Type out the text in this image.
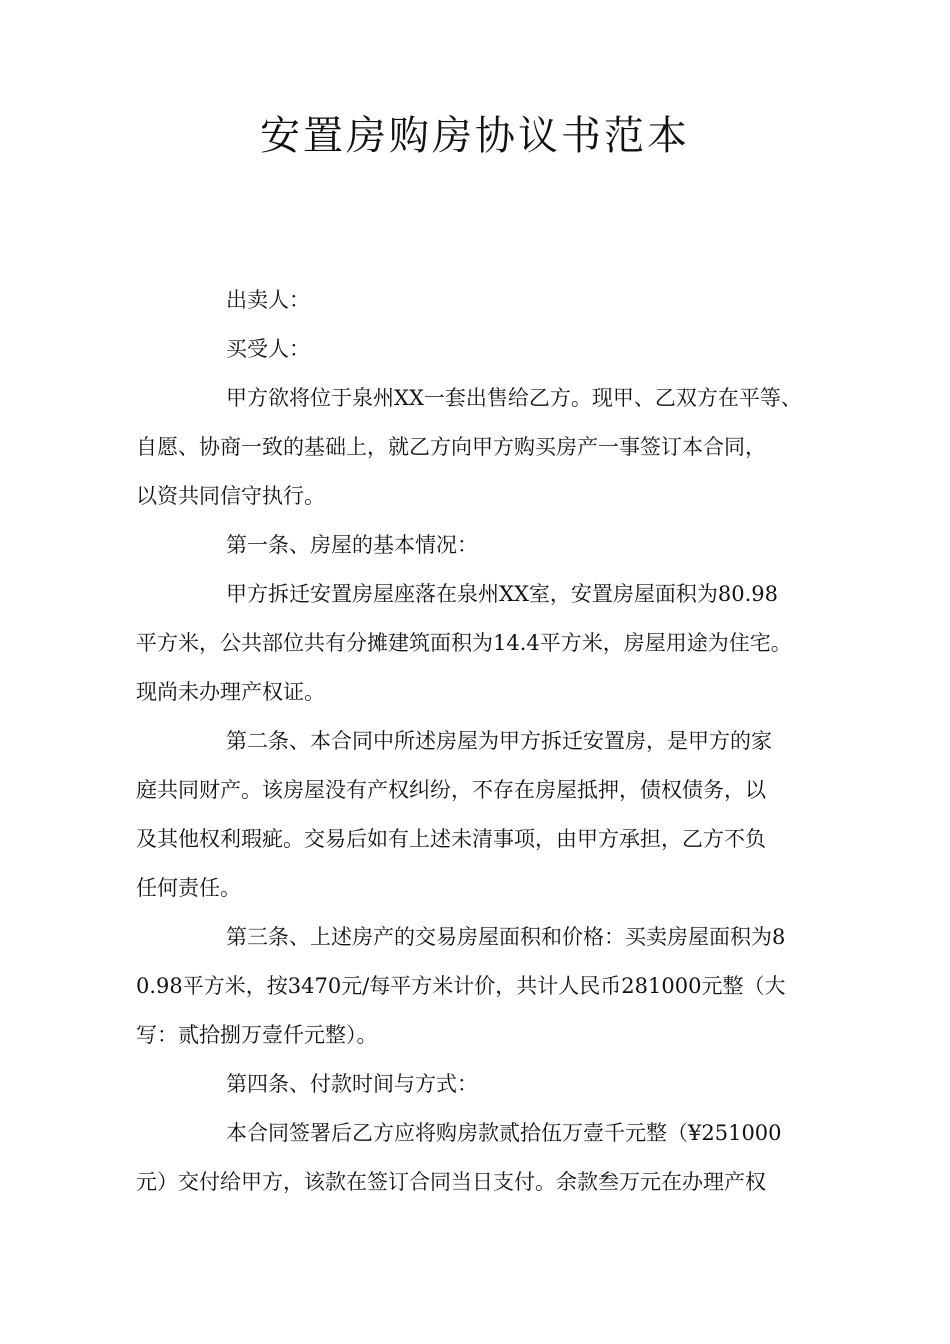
安置房购房协议书范本
出卖人：
买受人：
甲方欲将位于泉州XX一套出售给乙方。现甲、乙双方在平等、
自愿、协商一致的基础上，就乙方向甲方购买房产一事签订本合同，
以资共同信守执行。
第一条、房屋的基本情况：
甲方拆迁安置房屋座落在泉州XX室，安置房屋面积为80.98
平方米，公共部位共有分摊建筑面积为14.4平方米，房屋用途为住宅。
现尚未办理产权证。
第二条、本合同中所述房屋为甲方拆迁安置房，是甲方的家
庭共同财产。该房屋没有产权纠纷，不存在房屋抵押，债权债务，以
及其他权利瑕疵。交易后如有上述未清事项，由甲方承担，乙方不负
任何责任。
第三条、上述房产的交易房屋面积和价格：买卖房屋面积为8
0.98平方米，按3470元/每平方米计价，共计人民币281000元整（大
写：贰拾捌万壹仟元整）。
第四条、付款时间与方式：
本合同签署后乙方应将购房款贰拾伍万壹千元整（¥251000
元）交付给甲方，该款在签订合同当日支付。余款叁万元在办理产权
